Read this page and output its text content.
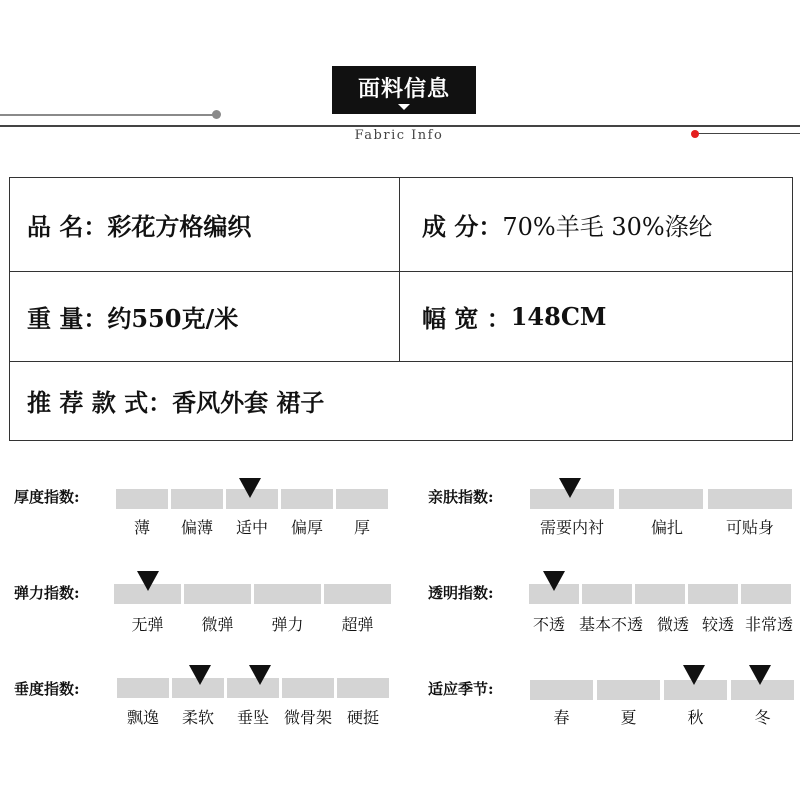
面料信息
Fabric Info
品 名： 彩花方格编织	成 分： 70%羊毛 30%涤纶
重 量： 约550克/米	幅 宽 ： 148CM
推 荐 款 式： 香风外套 裙子
厚度指数:
薄	偏薄	适中	偏厚	厚
弹力指数:
无弹	微弹	弹力	超弹
垂度指数:
飘逸	柔软	垂坠 微骨架 硬挺
亲肤指数:
需要内衬	偏扎	可贴身
透明指数:
不透 基本不透 微透 较透 非常透
适应季节:
春	夏	秋	冬
